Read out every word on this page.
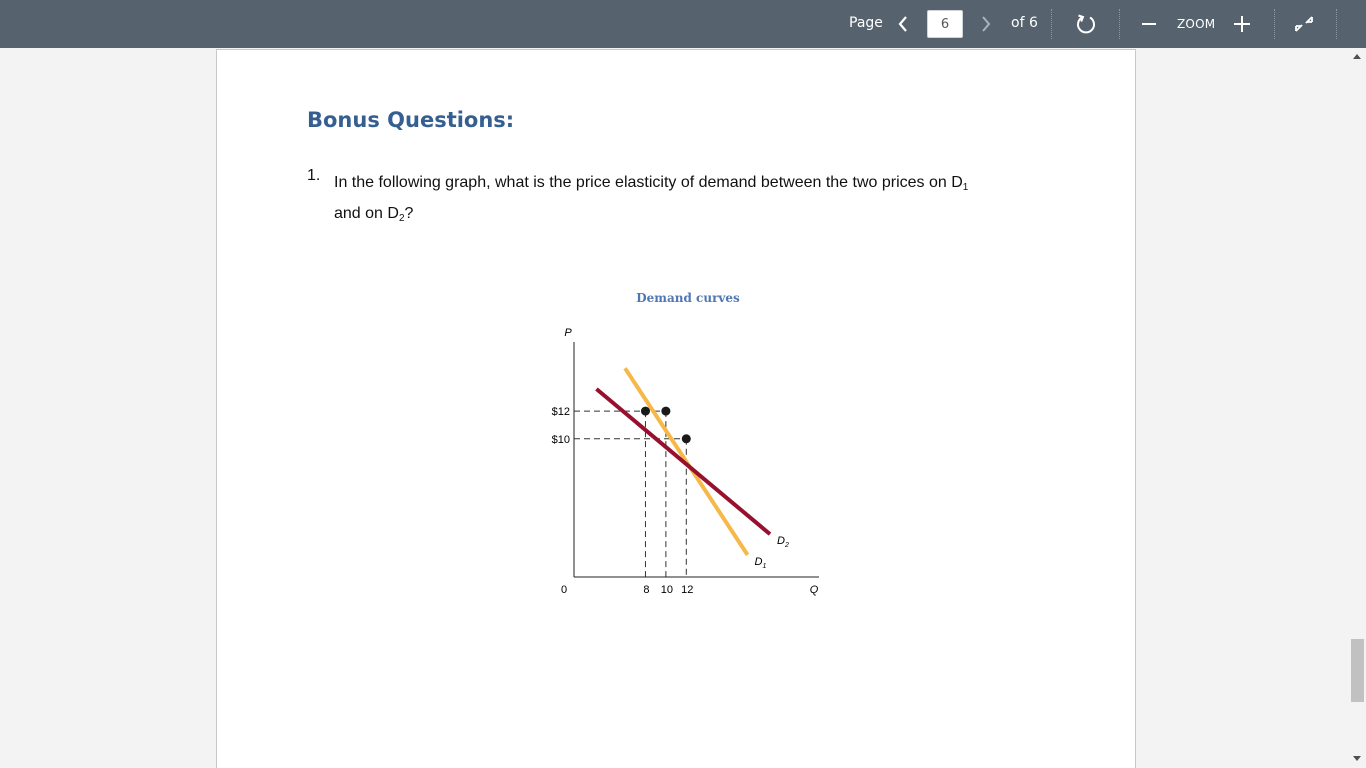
Page
6	of 6	ZOOM
Bonus Questions:
1. In the following graph, what is the price elasticity of demand between the two prices on $D_1$
and on $D_2$?
Demand curves
P
Q
0
$12
$10
8 10 12
$D_1$
$D_2$
